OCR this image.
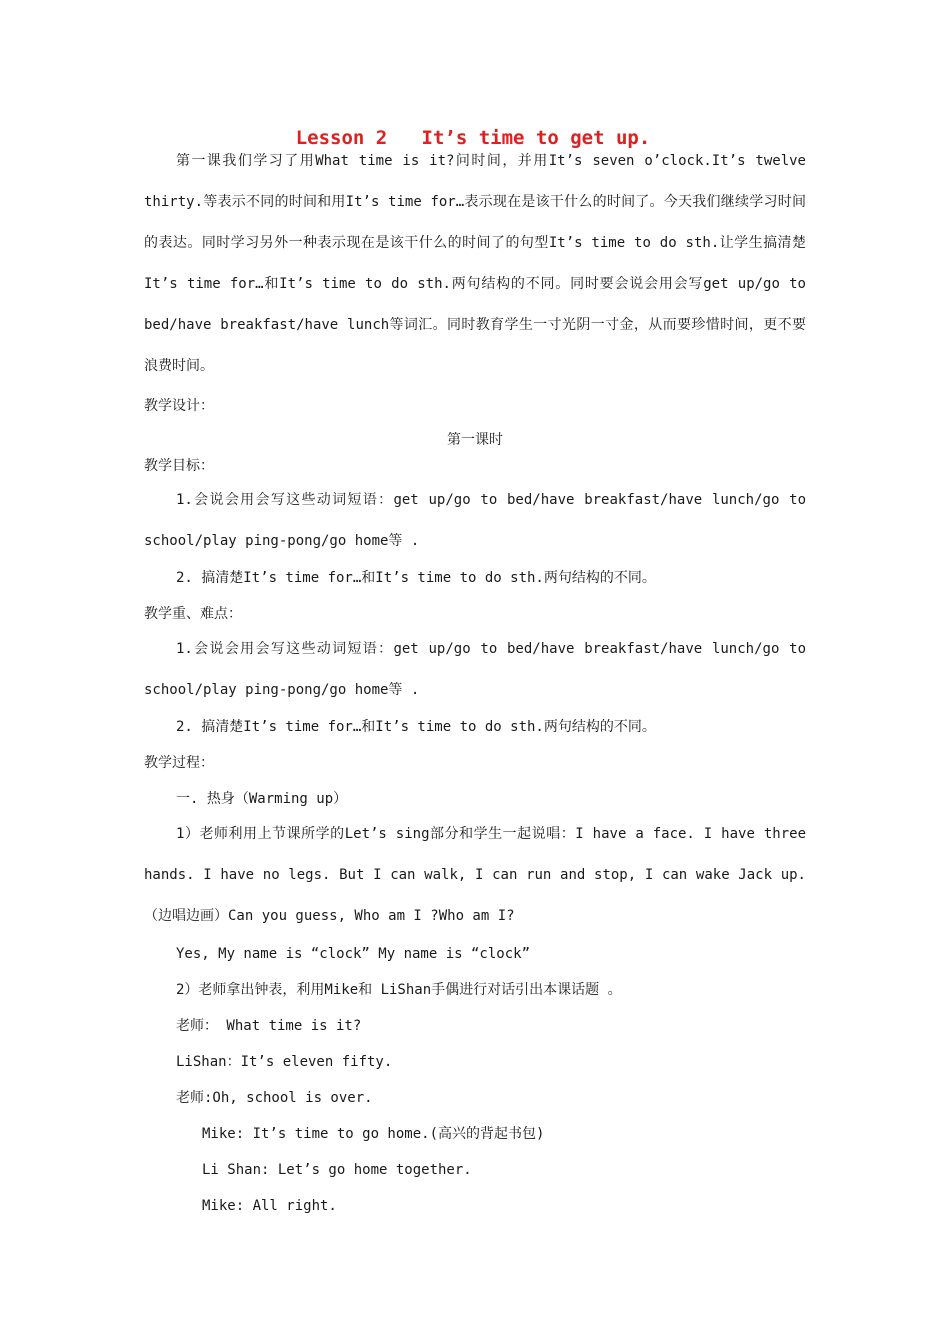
Lesson 2   It’s time to get up.
第一课我们学习了用What time is it?问时间，并用It’s seven o’clock.It’s twelve thirty.等表示不同的时间和用It’s time for…表示现在是该干什么的时间了。今天我们继续学习时间的表达。同时学习另外一种表示现在是该干什么的时间了的句型It’s time to do sth.让学生搞清楚It’s time for…和It’s time to do sth.两句结构的不同。同时要会说会用会写get up/go to bed/have breakfast/have lunch等词汇。同时教育学生一寸光阴一寸金，从而要珍惜时间，更不要浪费时间。
教学设计：
第一课时
教学目标：
1.会说会用会写这些动词短语：get up/go to bed/have breakfast/have lunch/go to school/play ping-pong/go home等 .
2. 搞清楚It’s time for…和It’s time to do sth.两句结构的不同。
教学重、难点：
1.会说会用会写这些动词短语：get up/go to bed/have breakfast/have lunch/go to school/play ping-pong/go home等 .
2. 搞清楚It’s time for…和It’s time to do sth.两句结构的不同。
教学过程：
一. 热身（Warming up）
1）老师利用上节课所学的Let’s sing部分和学生一起说唱：I have a face. I have three hands. I have no legs. But I can walk, I can run and stop, I can wake Jack up.（边唱边画）Can you guess, Who am I ?Who am I?
Yes, My name is “clock” My name is “clock”
2）老师拿出钟表，利用Mike和 LiShan手偶进行对话引出本课话题 。
老师： What time is it?
LiShan：It’s eleven fifty.
老师:Oh, school is over.
Mike: It’s time to go home.(高兴的背起书包)
Li Shan: Let’s go home together.
Mike: All right.
